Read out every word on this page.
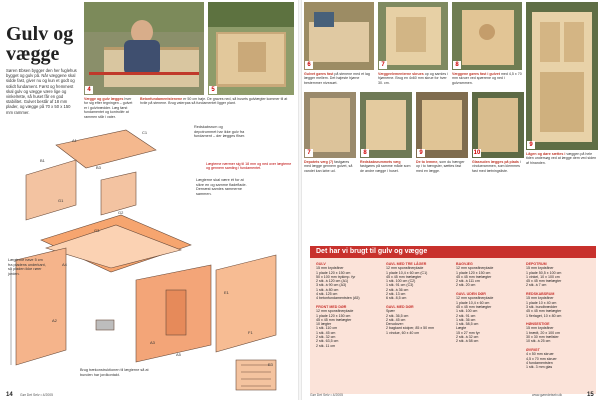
Gulv og
vægge
Søren Ebsen bygger den her fuglehus bygget og gulv på. Når væggene skal sidde fast, giver nu og kun et godt og solidt fundament. Først og fremmest skal gulv og vægge være lige og vinkelrette, så huset får en god stabilitet. Gulvet består af 18 mm plader, og vægge på 70 x 50 x 150 mm rammer.
4	5
Vægge og gulv lægges hver for sig efter tegningen – gulvet er i gulvbrædder. Læg først fundamentet og kontrollér at rammen står i vater.
Betonfundamentstenene er 50 cm høje. De graves ned, så husets gulvlægter kommer til at hvile på stenene. Brug vaterpas så fundamentet ligger plant.
A1
B1
B3
C1
G1
G2
G3
A4
A2
A3
A5
E1
F1
E3
Redskabsrum og depotrummet har ikke gulv fra fundament – der lægges fliser.
Lægterne nærmer sig til 18 mm og ned over lægterne og gennem samling i fundamentet.
Lægterne skal være ét for at sikre en og samme fladeflade. Dernæst samles rammerne sammen.
Lægterne have 5 cm fra pladens underkant, så pladen ikke rører jorden.
Brug trækonstruktionen til lægterne så at bunden har jordkontakt.
14 Gør Det Selv • 4/2005
6	7	8
9
Gulvet gøres fast på stenene med et lag lægger mellem. Det højeste hjørne bestemmer niveauet.
Væggeelementerne skrues op og samles i hjørnerne. Brug en 4x60 mm skrue for hver 30. cm.
Væggene gøres fast i gulvet med 4,5 x 70 mm skruer ved spærene og ned i gulvrammen.
Lågen og døre sættes i væggen på hele tiden undersøg ved at lægge dem ved siden af hinanden.
7	8	9	10
Depotets væg (7) fastgøres med lægge gennem gulvet, så vandet kan løbe ud.
Redskabsrummets væg fastgøres på samme måde som de andre vægge i huset.
De to lemme, som du hænger op i to hængsler, sættes fast med en lægge.
Glasruden lægges på plads i vinduerammen, som klemmes fast med tætningsliste.
Det har vi brugt til gulv og vægge
GULV
15 mm krydsfiner
1 plade 120 x 150 cm
50 x 100 mm trykimp. fyr
2 stk. à 120 cm (A1)
3 stk. à 90 cm (A3)
1 stk. à 80 cm
4 stk. 125 cm
4 betonfundamentsten (A5)

FRONT MED DØR
12 mm sponsfinerplade
1 plade 120 x 150 cm
45 x 45 mm trælægter
10 lægter
1 stk. 110 cm
1 stk. 45 cm
2 stk. 32 cm
2 stk. 63,5 cm
2 stk. 11 cm
GAVL MED TRE LÅGER
12 mm sponsfinerplade
1 plade 10,4 x 60 cm (C1)
45 x 45 mm trælægter
1 stk. 100 cm (C2)
1 stk. 91 cm (C3)
2 stk. à 36 cm
2 stk. 13 cm
6 stk. 8,5 cm

GAVL MED DØR
Spær
2 stk. 36,5 cm
2 stk. 45 cm
Derudover:
2 bagkant stolper, 85 x 50 mm
1 vindue, 60 x 40 cm
BAGVÆG
12 mm sponsfinerplade
1 plade 120 x 150 cm
45 x 45 mm trælægter
2 stk. à 111 cm
2 stk. 20 cm

GAVL UDEN DØR
12 mm sponsfinerplade
1 plade 10,4 x 60 cm
45 x 45 mm trælægter
1 stk. 100 cm
2 stk. 91 cm
1 stk. 36 cm
1 stk. 58,5 cm
Lægte
15 x 27 mm fyr
2 stk. à 32 cm
2 stk. à 58 cm
DEPOTRUM
15 mm krydsfiner
1 plade 50,5 x 100 cm
1 vinkel, 10 x 100 cm
45 x 45 mm trælægter
2 stk. à 7 cm

REDSKABSRUM
15 mm krydsfiner
1 plade 10 x 40 cm
3 stk. bundbrædder
45 x 45 mm trælægter
1 flerlaget, 10 x 80 cm

HØNSESTIGE
15 mm krydsfiner
1 brædt, 20 x 100 cm
30 x 30 mm trælister
10 stk. à 25 cm

ØVRIGT
4 x 50 mm skruer
4,5 x 70 mm skruer
4 fundamentsten
1 stk. 3 mm glas
Gør Det Selv • 4/2005	www.gøredetselv.dk	15
